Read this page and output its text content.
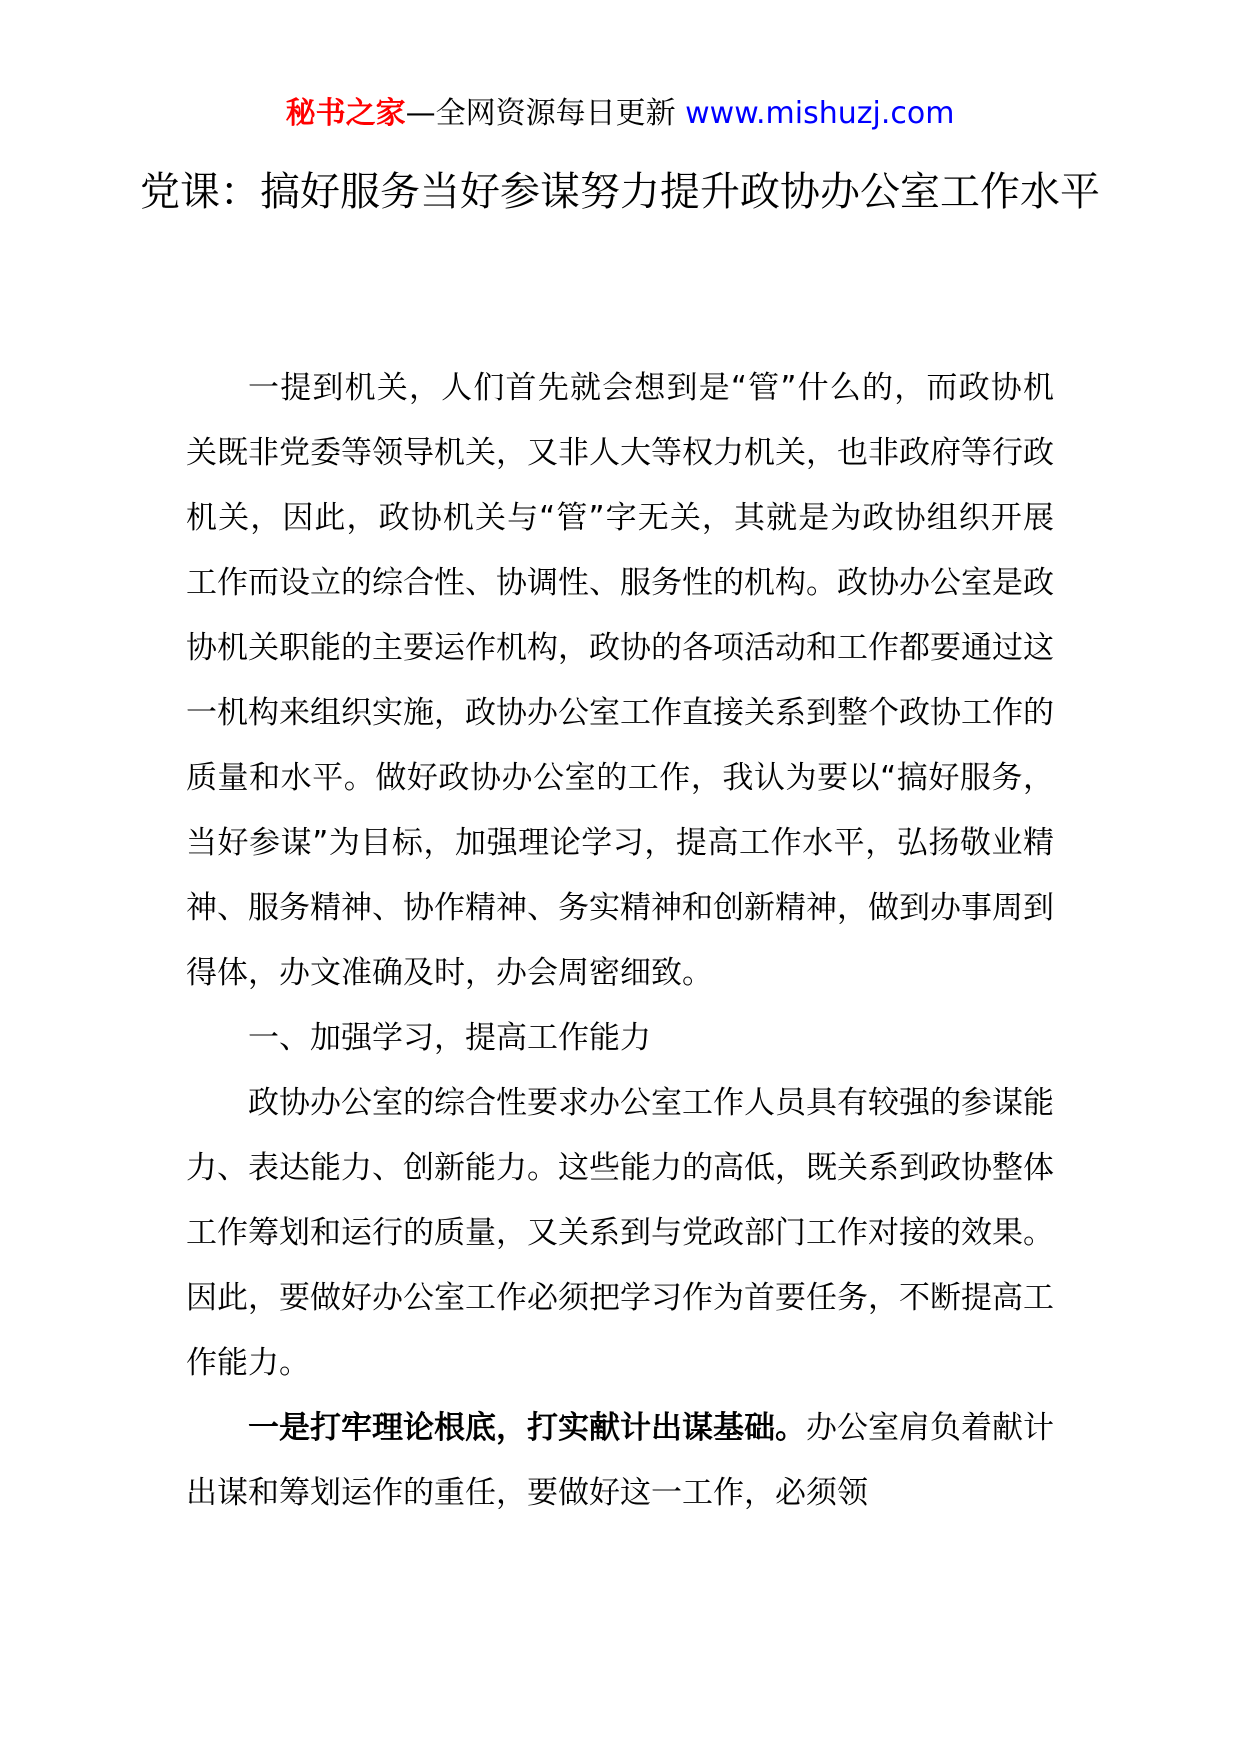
秘书之家—全网资源每日更新 www.mishuzj.com
党课：搞好服务当好参谋努力提升政协办公室工作水平

一提到机关，人们首先就会想到是“管”什么的，而政协机关既非党委等领导机关，又非人大等权力机关，也非政府等行政机关，因此，政协机关与“管”字无关，其就是为政协组织开展工作而设立的综合性、协调性、服务性的机构。政协办公室是政协机关职能的主要运作机构，政协的各项活动和工作都要通过这一机构来组织实施，政协办公室工作直接关系到整个政协工作的质量和水平。做好政协办公室的工作，我认为要以“搞好服务，当好参谋”为目标，加强理论学习，提高工作水平，弘扬敬业精神、服务精神、协作精神、务实精神和创新精神，做到办事周到得体，办文准确及时，办会周密细致。

一、加强学习，提高工作能力

政协办公室的综合性要求办公室工作人员具有较强的参谋能力、表达能力、创新能力。这些能力的高低，既关系到政协整体工作筹划和运行的质量，又关系到与党政部门工作对接的效果。因此，要做好办公室工作必须把学习作为首要任务，不断提高工作能力。

一是打牢理论根底，打实献计出谋基础。办公室肩负着献计出谋和筹划运作的重任，要做好这一工作，必须领
